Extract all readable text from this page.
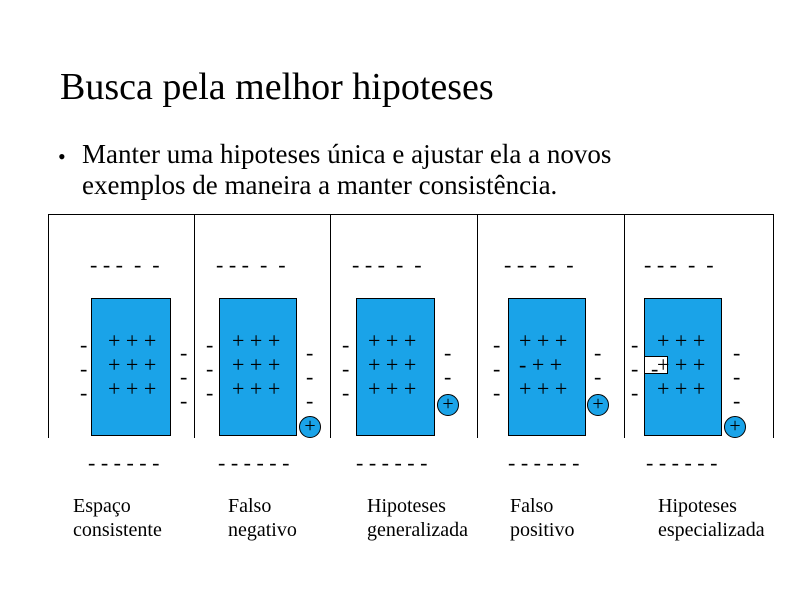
Busca pela melhor hipoteses
• Manter uma hipoteses única e ajustar ela a novos
exemplos de maneira a manter consistência.
- - -  -  -
+ + +
+ + +
+ + +
-
-
-
- - - - - -
Espaço
consistente
- - -  -  -
+ + +
+ + +
+ + +
-
-
-
-
-
-
-
-
-
+
- - - - - -
Falso
negativo
- - -  -  -
+ + +
+ + +
+ + +
-
-
-
-
-
+
- - - - - -
Hipoteses
generalizada
- - -  -  -
+ + +
- + +
+ + +
-
-
-
-
-
+
- - - - - -
Falso
positivo
- - -  -  -
+ + +
+ + +
+ + +
-
-
-
-
-
-
-
+
- - - - - -
Hipoteses
especializada
